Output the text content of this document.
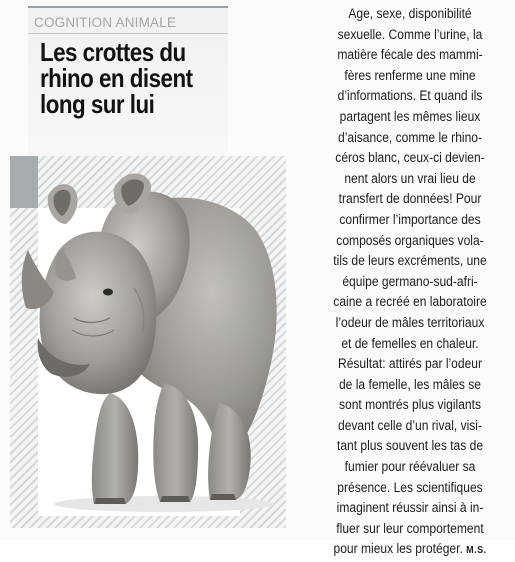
COGNITION ANIMALE
Les crottes du
rhino en disent
long sur lui
Age, sexe, disponibilité
sexuelle. Comme l’urine, la
matière fécale des mammi-
fères renferme une mine
d’informations. Et quand ils
partagent les mêmes lieux
d’aisance, comme le rhino-
céros blanc, ceux-ci devien-
nent alors un vrai lieu de
transfert de données! Pour
confirmer l’importance des
composés organiques vola-
tils de leurs excréments, une
équipe germano-sud-afri-
caine a recréé en laboratoire
l’odeur de mâles territoriaux
et de femelles en chaleur.
Résultat: attirés par l’odeur
de la femelle, les mâles se
sont montrés plus vigilants
devant celle d’un rival, visi-
tant plus souvent les tas de
fumier pour réévaluer sa
présence. Les scientifiques
imaginent réussir ainsi à in-
fluer sur leur comportement
pour mieux les protéger. M.S.
